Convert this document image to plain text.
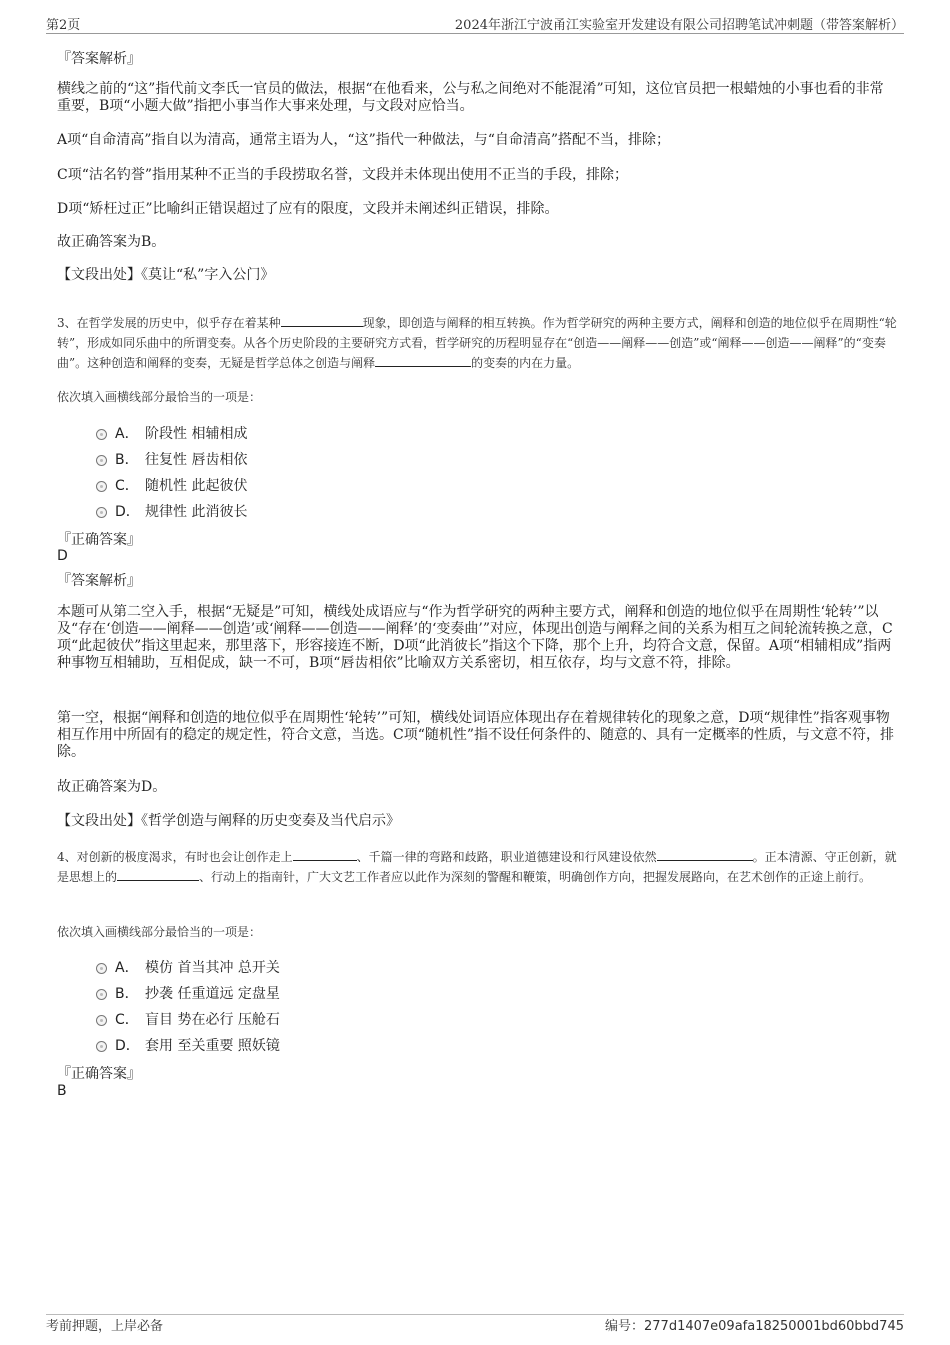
第2页	2024年浙江宁波甬江实验室开发建设有限公司招聘笔试冲刺题（带答案解析）
『答案解析』
横线之前的“这”指代前文李氏一官员的做法，根据“在他看来，公与私之间绝对不能混淆”可知，这位官员把一根蜡烛的小事也看的非常重要，B项“小题大做”指把小事当作大事来处理，与文段对应恰当。
A项“自命清高”指自以为清高，通常主语为人，“这”指代一种做法，与“自命清高”搭配不当，排除；
C项“沽名钓誉”指用某种不正当的手段捞取名誉，文段并未体现出使用不正当的手段，排除；
D项“矫枉过正”比喻纠正错误超过了应有的限度，文段并未阐述纠正错误，排除。
故正确答案为B。
【文段出处】《莫让“私”字入公门》
3、在哲学发展的历史中，似乎存在着某种	现象，即创造与阐释的相互转换。作为哲学研究的两种主要方式，阐释和创造的地位似乎在周期性“轮转”，形成如同乐曲中的所谓变奏。从各个历史阶段的主要研究方式看，哲学研究的历程明显存在“创造——阐释——创造”或“阐释——创造——阐释”的“变奏曲”。这种创造和阐释的变奏，无疑是哲学总体之创造与阐释	的变奏的内在力量。
依次填入画横线部分最恰当的一项是：
A． 阶段性 相辅相成
B． 往复性 唇齿相依
C． 随机性 此起彼伏
D． 规律性 此消彼长
『正确答案』
D
『答案解析』
本题可从第二空入手，根据“无疑是”可知，横线处成语应与“作为哲学研究的两种主要方式，阐释和创造的地位似乎在周期性‘轮转’”以及“存在‘创造——阐释——创造’或‘阐释——创造——阐释’的‘变奏曲’”对应，体现出创造与阐释之间的关系为相互之间轮流转换之意，C项“此起彼伏”指这里起来，那里落下，形容接连不断，D项“此消彼长”指这个下降，那个上升，均符合文意，保留。A项“相辅相成”指两种事物互相辅助，互相促成，缺一不可，B项“唇齿相依”比喻双方关系密切，相互依存，均与文意不符，排除。
第一空，根据“阐释和创造的地位似乎在周期性‘轮转’”可知，横线处词语应体现出存在着规律转化的现象之意，D项“规律性”指客观事物相互作用中所固有的稳定的规定性，符合文意，当选。C项“随机性”指不设任何条件的、随意的、具有一定概率的性质，与文意不符，排除。
故正确答案为D。
【文段出处】《哲学创造与阐释的历史变奏及当代启示》
4、对创新的极度渴求，有时也会让创作走上	、千篇一律的弯路和歧路，职业道德建设和行风建设依然	。正本清源、守正创新，就是思想上的	、行动上的指南针，广大文艺工作者应以此作为深刻的警醒和鞭策，明确创作方向，把握发展路向，在艺术创作的正途上前行。
依次填入画横线部分最恰当的一项是：
A． 模仿 首当其冲 总开关
B． 抄袭 任重道远 定盘星
C． 盲目 势在必行 压舱石
D． 套用 至关重要 照妖镜
『正确答案』
B
考前押题，上岸必备	编号：277d1407e09afa18250001bd60bbd745
